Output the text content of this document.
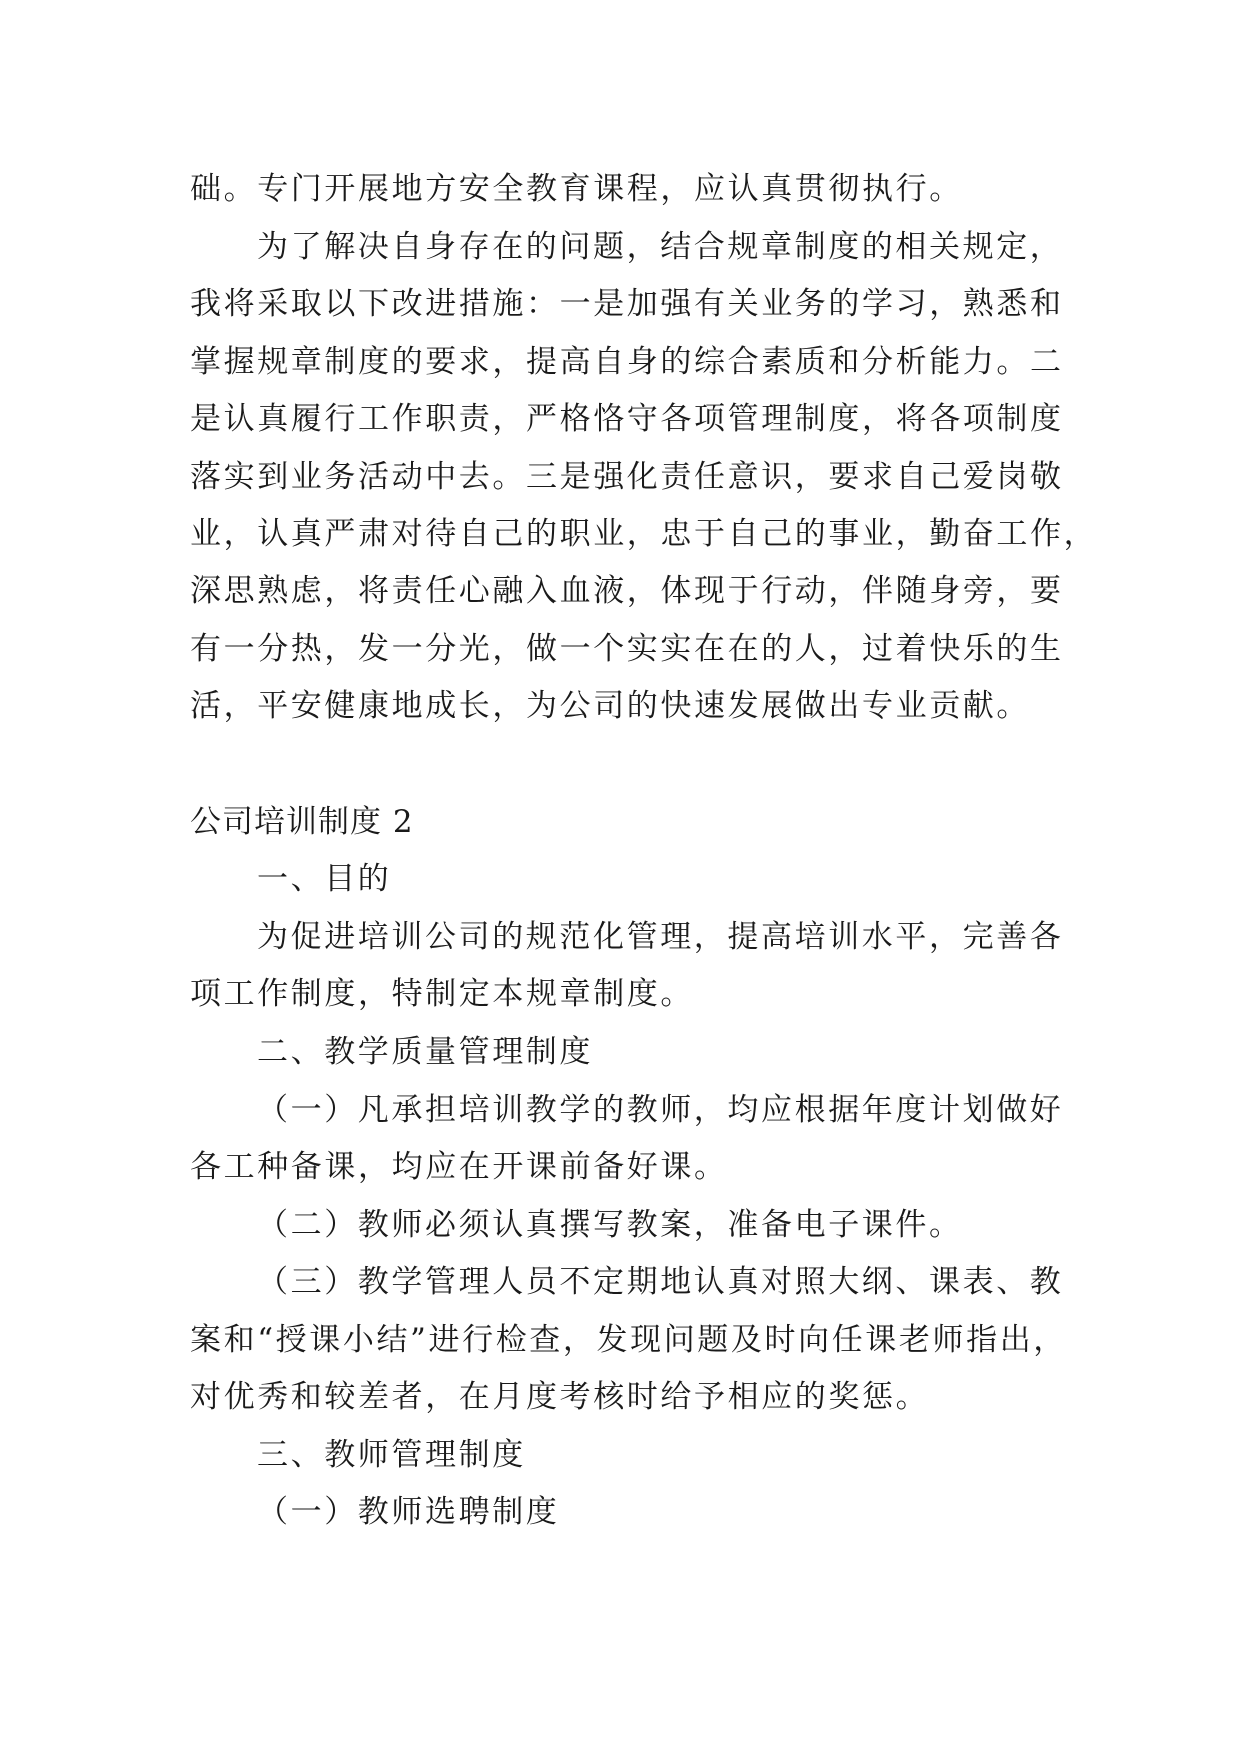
础。专门开展地方安全教育课程，应认真贯彻执行。
为了解决自身存在的问题，结合规章制度的相关规定，
我将采取以下改进措施：一是加强有关业务的学习，熟悉和
掌握规章制度的要求，提高自身的综合素质和分析能力。二
是认真履行工作职责，严格恪守各项管理制度，将各项制度
落实到业务活动中去。三是强化责任意识，要求自己爱岗敬
业，认真严肃对待自己的职业，忠于自己的事业，勤奋工作，
深思熟虑，将责任心融入血液，体现于行动，伴随身旁，要
有一分热，发一分光，做一个实实在在的人，过着快乐的生
活，平安健康地成长，为公司的快速发展做出专业贡献。
公司培训制度 2
一、目的
为促进培训公司的规范化管理，提高培训水平，完善各
项工作制度，特制定本规章制度。
二、教学质量管理制度
（一）凡承担培训教学的教师，均应根据年度计划做好
各工种备课，均应在开课前备好课。
（二）教师必须认真撰写教案，准备电子课件。
（三）教学管理人员不定期地认真对照大纲、课表、教
案和“授课小结”进行检查，发现问题及时向任课老师指出，
对优秀和较差者，在月度考核时给予相应的奖惩。
三、教师管理制度
（一）教师选聘制度
